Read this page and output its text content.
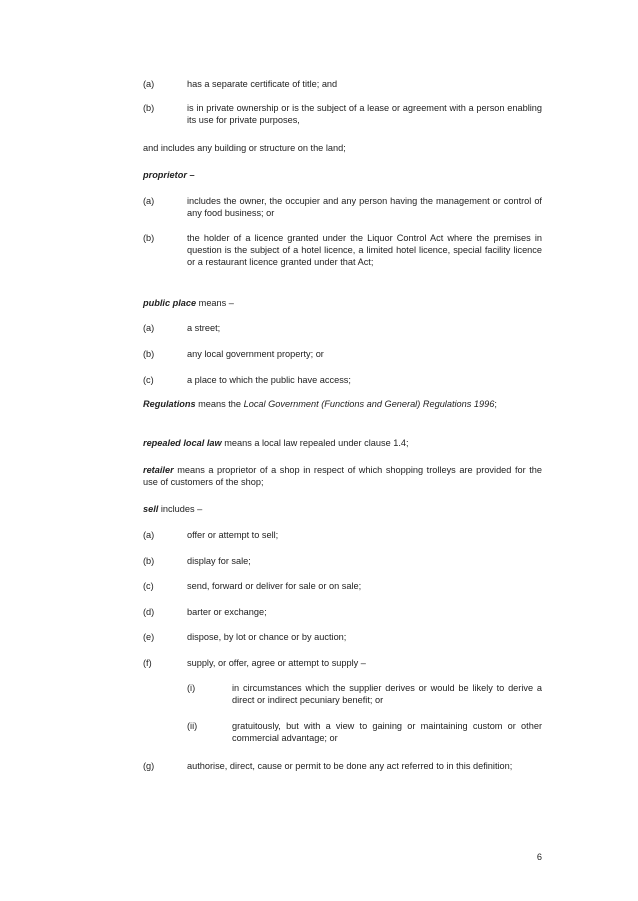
(a)	has a separate certificate of title; and
(b)	is in private ownership or is the subject of a lease or agreement with a person enabling its use for private purposes,
and includes any building or structure on the land;
proprietor –
(a)	includes the owner, the occupier and any person having the management or control of any food business; or
(b)	the holder of a licence granted under the Liquor Control Act where the premises in question is the subject of a hotel licence, a limited hotel licence, special facility licence or a restaurant licence granted under that Act;
public place means –
(a)	a street;
(b)	any local government property; or
(c)	a place to which the public have access;
Regulations means the Local Government (Functions and General) Regulations 1996;
repealed local law means a local law repealed under clause 1.4;
retailer means a proprietor of a shop in respect of which shopping trolleys are provided for the use of customers of the shop;
sell includes –
(a)	offer or attempt to sell;
(b)	display for sale;
(c)	send, forward or deliver for sale or on sale;
(d)	barter or exchange;
(e)	dispose, by lot or chance or by auction;
(f)	supply, or offer, agree or attempt to supply –
(i)	in circumstances which the supplier derives or would be likely to derive a direct or indirect pecuniary benefit; or
(ii)	gratuitously, but with a view to gaining or maintaining custom or other commercial advantage; or
(g)	authorise, direct, cause or permit to be done any act referred to in this definition;
6
